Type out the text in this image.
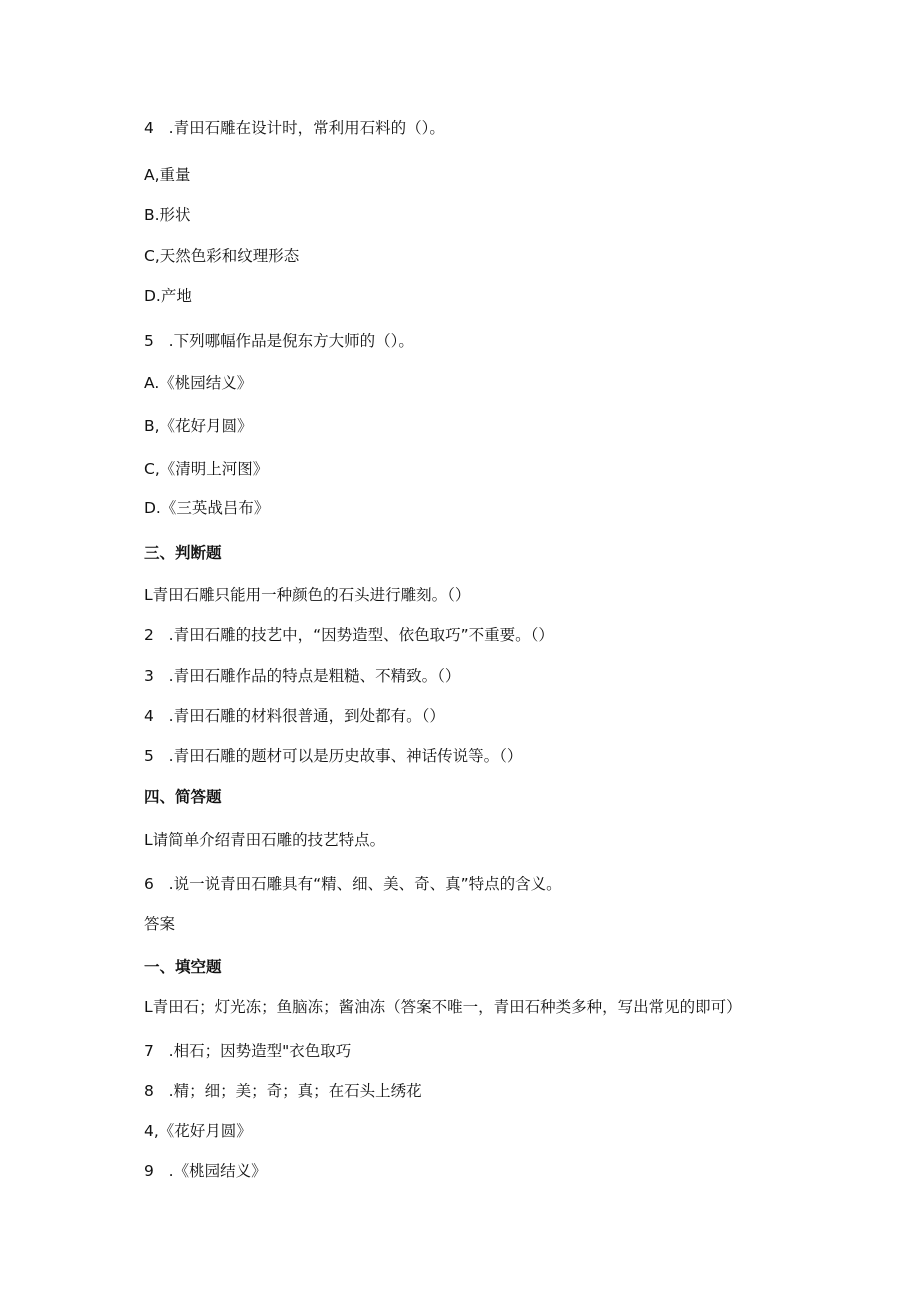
4   .青田石雕在设计时，常利用石料的（）。
A,重量
B.形状
C,天然色彩和纹理形态
D.产地
5   .下列哪幅作品是倪东方大师的（）。
A.《桃园结义》
B,《花好月圆》
C,《清明上河图》
D.《三英战吕布》
三、判断题
L青田石雕只能用一种颜色的石头进行雕刻。（）
2   .青田石雕的技艺中，“因势造型、依色取巧”不重要。（）
3   .青田石雕作品的特点是粗糙、不精致。（）
4   .青田石雕的材料很普通，到处都有。（）
5   .青田石雕的题材可以是历史故事、神话传说等。（）
四、简答题
L请简单介绍青田石雕的技艺特点。
6   .说一说青田石雕具有“精、细、美、奇、真”特点的含义。
答案
一、填空题
L青田石；灯光冻；鱼脑冻；酱油冻（答案不唯一，青田石种类多种，写出常见的即可）
7   .相石；因势造型"衣色取巧
8   .精；细；美；奇；真；在石头上绣花
4,《花好月圆》
9   .《桃园结义》
